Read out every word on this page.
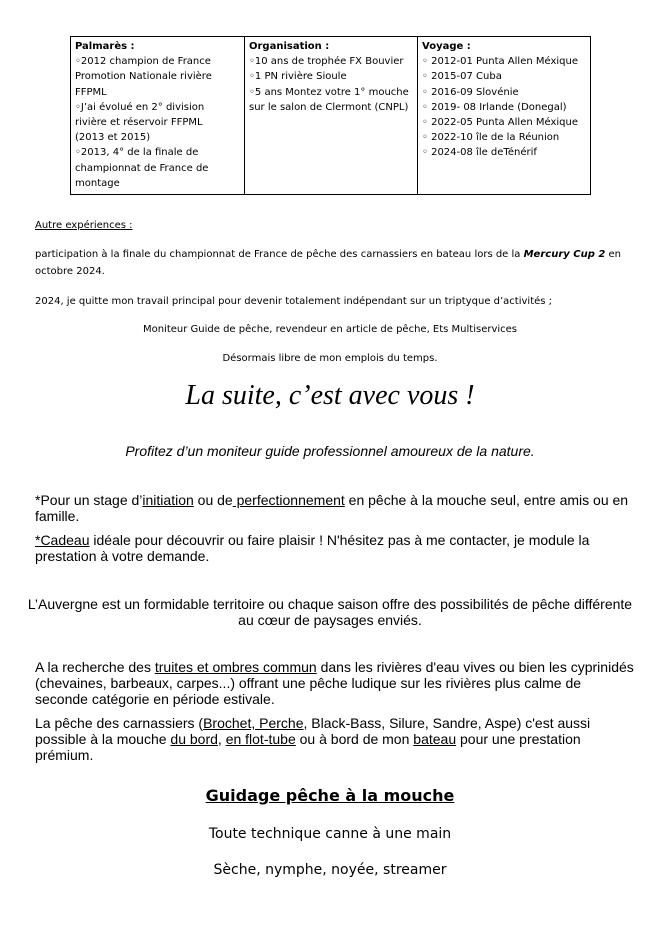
Palmarès :
◦2012 champion de France
Promotion Nationale rivière
FFPML
◦J’ai évolué en 2° division
rivière et réservoir FFPML
(2013 et 2015)
◦2013, 4° de la finale de
championnat de France de
montage

Organisation :
◦10 ans de trophée FX Bouvier
◦1 PN rivière Sioule
◦5 ans Montez votre 1° mouche
sur le salon de Clermont (CNPL)

Voyage :
◦ 2012-01 Punta Allen Méxique
◦ 2015-07 Cuba
◦ 2016-09 Slovénie
◦ 2019- 08 Irlande (Donegal)
◦ 2022-05 Punta Allen Méxique
◦ 2022-10 île de la Réunion
◦ 2024-08 île deTénérif
Autre expériences :
participation à la finale du championnat de France de pêche des carnassiers en bateau lors de la Mercury Cup 2 en octobre 2024.
2024, je quitte mon travail principal pour devenir totalement indépendant sur un triptyque d’activités ;
Moniteur Guide de pêche, revendeur en article de pêche, Ets Multiservices
Désormais libre de mon emplois du temps.
La suite, c’est avec vous !
Profitez d’un moniteur guide professionnel amoureux de la nature.
*Pour un stage d’initiation ou de perfectionnement en pêche à la mouche seul, entre amis ou en famille.
*Cadeau idéale pour découvrir ou faire plaisir ! N'hésitez pas à me contacter, je module la prestation à votre demande.
L’Auvergne est un formidable territoire ou chaque saison offre des possibilités de pêche différente au cœur de paysages enviés.
A la recherche des truites et ombres commun dans les rivières d'eau vives ou bien les cyprinidés (chevaines, barbeaux, carpes...) offrant une pêche ludique sur les rivières plus calme de seconde catégorie en période estivale.
La pêche des carnassiers (Brochet, Perche, Black-Bass, Silure, Sandre, Aspe) c'est aussi possible à la mouche du bord, en flot-tube ou à bord de mon bateau pour une prestation prémium.
Guidage pêche à la mouche
Toute technique canne à une main
Sèche, nymphe, noyée, streamer
